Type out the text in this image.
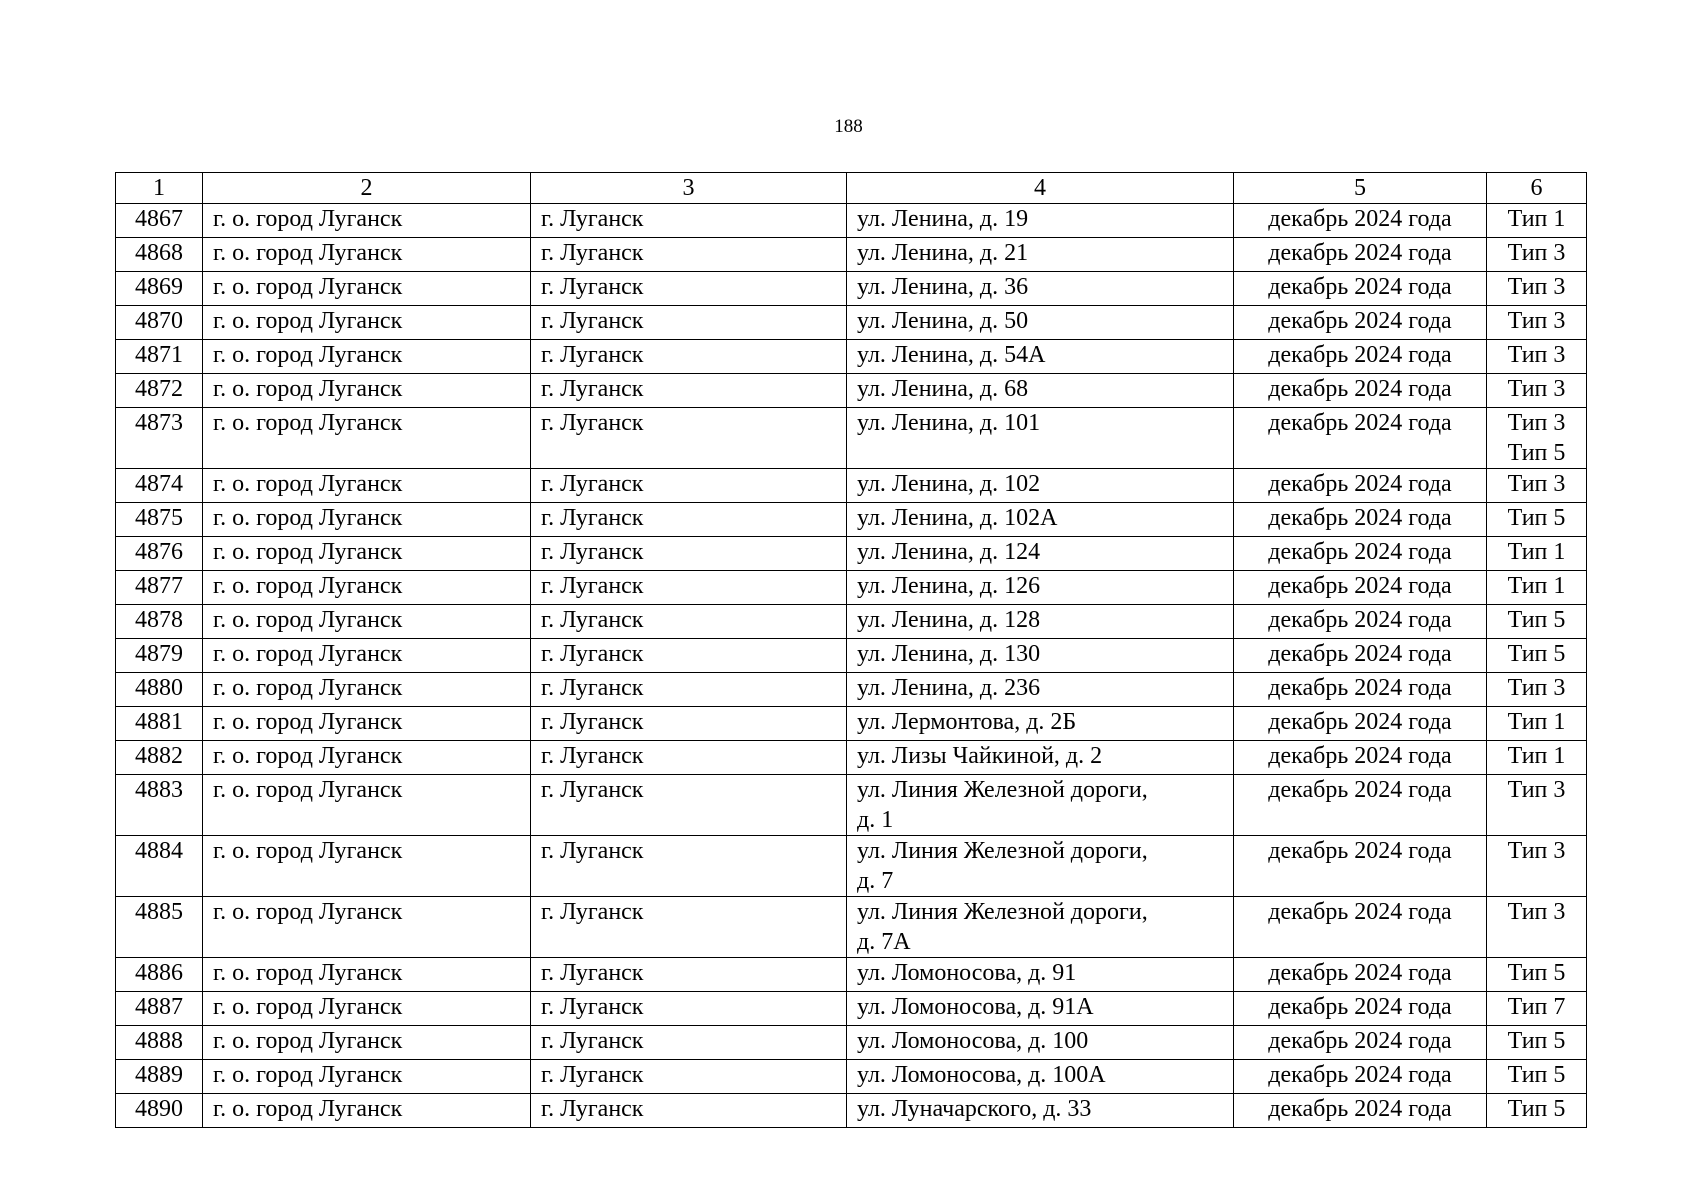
188
1	2	3	4	5	6
4867	г. о. город Луганск	г. Луганск	ул. Ленина, д. 19	декабрь 2024 года	Тип 1

4868	г. о. город Луганск	г. Луганск	ул. Ленина, д. 21	декабрь 2024 года	Тип 3

4869	г. о. город Луганск	г. Луганск	ул. Ленина, д. 36	декабрь 2024 года	Тип 3

4870	г. о. город Луганск	г. Луганск	ул. Ленина, д. 50	декабрь 2024 года	Тип 3

4871	г. о. город Луганск	г. Луганск	ул. Ленина, д. 54А	декабрь 2024 года	Тип 3

4872	г. о. город Луганск	г. Луганск	ул. Ленина, д. 68	декабрь 2024 года	Тип 3

4873	г. о. город Луганск	г. Луганск	ул. Ленина, д. 101	декабрь 2024 года	Тип 3
Тип 5

4874	г. о. город Луганск	г. Луганск	ул. Ленина, д. 102	декабрь 2024 года	Тип 3

4875	г. о. город Луганск	г. Луганск	ул. Ленина, д. 102А	декабрь 2024 года	Тип 5

4876	г. о. город Луганск	г. Луганск	ул. Ленина, д. 124	декабрь 2024 года	Тип 1

4877	г. о. город Луганск	г. Луганск	ул. Ленина, д. 126	декабрь 2024 года	Тип 1

4878	г. о. город Луганск	г. Луганск	ул. Ленина, д. 128	декабрь 2024 года	Тип 5

4879	г. о. город Луганск	г. Луганск	ул. Ленина, д. 130	декабрь 2024 года	Тип 5

4880	г. о. город Луганск	г. Луганск	ул. Ленина, д. 236	декабрь 2024 года	Тип 3

4881	г. о. город Луганск	г. Луганск	ул. Лермонтова, д. 2Б	декабрь 2024 года	Тип 1

4882	г. о. город Луганск	г. Луганск	ул. Лизы Чайкиной, д. 2	декабрь 2024 года	Тип 1

4883	г. о. город Луганск	г. Луганск	ул. Линия Железной дороги,
д. 1	декабрь 2024 года	Тип 3

4884	г. о. город Луганск	г. Луганск	ул. Линия Железной дороги,
д. 7	декабрь 2024 года	Тип 3

4885	г. о. город Луганск	г. Луганск	ул. Линия Железной дороги,
д. 7А	декабрь 2024 года	Тип 3

4886	г. о. город Луганск	г. Луганск	ул. Ломоносова, д. 91	декабрь 2024 года	Тип 5

4887	г. о. город Луганск	г. Луганск	ул. Ломоносова, д. 91А	декабрь 2024 года	Тип 7

4888	г. о. город Луганск	г. Луганск	ул. Ломоносова, д. 100	декабрь 2024 года	Тип 5

4889	г. о. город Луганск	г. Луганск	ул. Ломоносова, д. 100А	декабрь 2024 года	Тип 5

4890	г. о. город Луганск	г. Луганск	ул. Луначарского, д. 33	декабрь 2024 года	Тип 5
